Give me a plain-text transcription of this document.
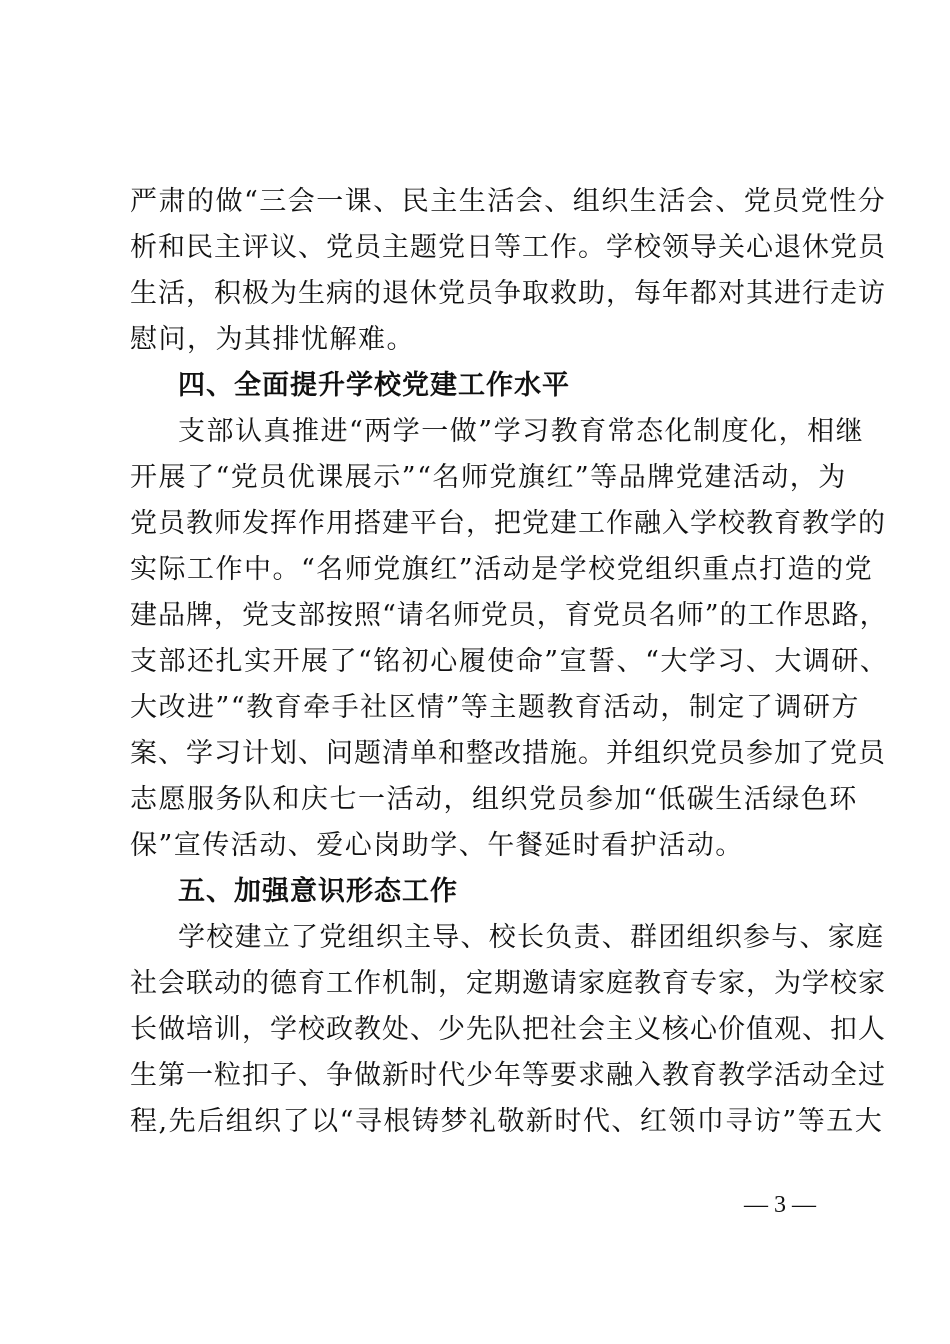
严肃的做“三会一课、民主生活会、组织生活会、党员党性分
析和民主评议、党员主题党日等工作。学校领导关心退休党员
生活，积极为生病的退休党员争取救助，每年都对其进行走访
慰问，为其排忧解难。
四、全面提升学校党建工作水平
支部认真推进“两学一做”学习教育常态化制度化，相继
开展了“党员优课展示”“名师党旗红”等品牌党建活动，为
党员教师发挥作用搭建平台，把党建工作融入学校教育教学的
实际工作中。“名师党旗红”活动是学校党组织重点打造的党
建品牌，党支部按照“请名师党员，育党员名师”的工作思路，
支部还扎实开展了“铭初心履使命”宣誓、“大学习、大调研、
大改进”“教育牵手社区情”等主题教育活动，制定了调研方
案、学习计划、问题清单和整改措施。并组织党员参加了党员
志愿服务队和庆七一活动，组织党员参加“低碳生活绿色环
保”宣传活动、爱心岗助学、午餐延时看护活动。
五、加强意识形态工作
学校建立了党组织主导、校长负责、群团组织参与、家庭
社会联动的德育工作机制，定期邀请家庭教育专家，为学校家
长做培训，学校政教处、少先队把社会主义核心价值观、扣人
生第一粒扣子、争做新时代少年等要求融入教育教学活动全过
程,先后组织了以“寻根铸梦礼敬新时代、红领巾寻访”等五大
— 3 —
